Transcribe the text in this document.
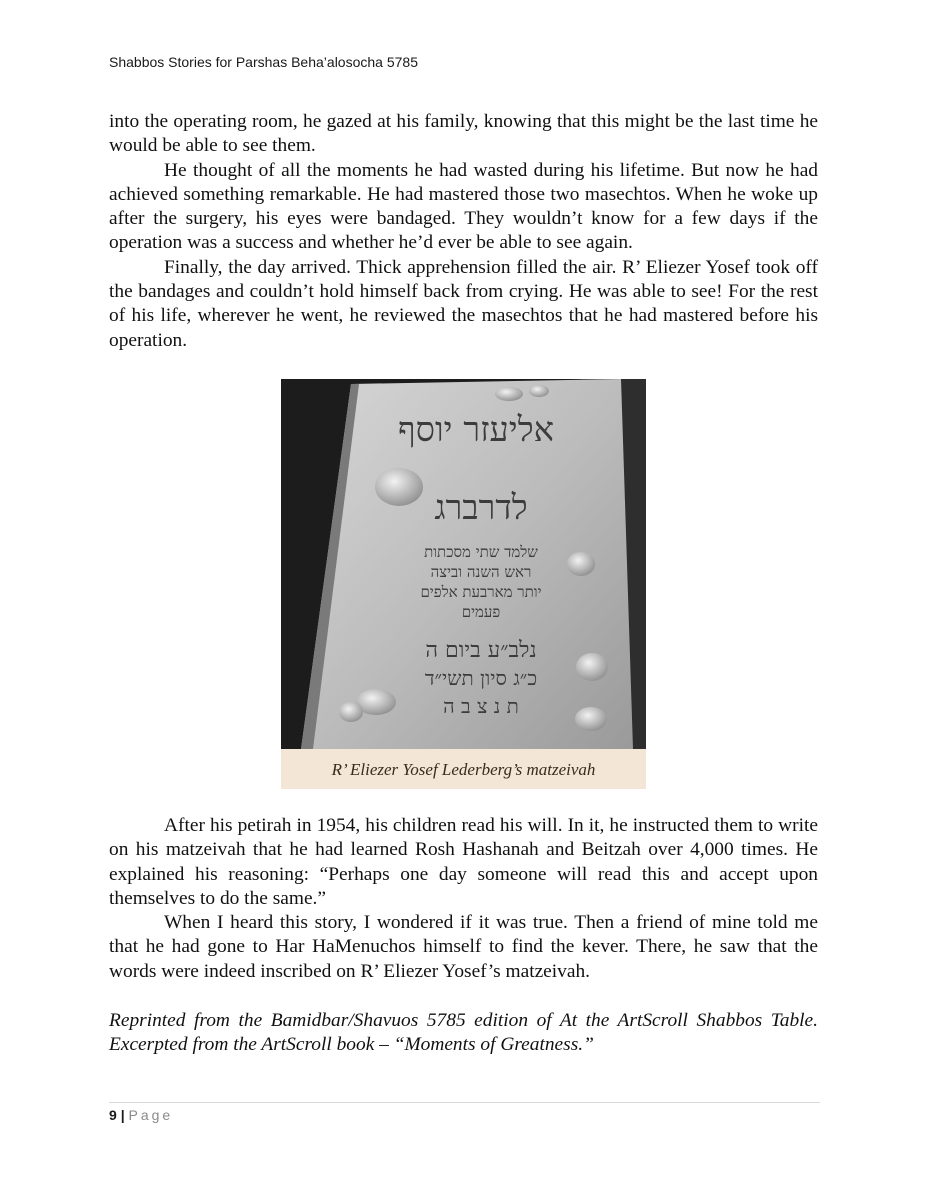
Shabbos Stories for Parshas Beha’alosocha 5785

into the operating room, he gazed at his family, knowing that this might be the last time he would be able to see them.

He thought of all the moments he had wasted during his lifetime. But now he had achieved something remarkable. He had mastered those two masechtos. When he woke up after the surgery, his eyes were bandaged. They wouldn’t know for a few days if the operation was a success and whether he’d ever be able to see again.

Finally, the day arrived. Thick apprehension filled the air. R’ Eliezer Yosef took off the bandages and couldn’t hold himself back from crying. He was able to see! For the rest of his life, wherever he went, he reviewed the masechtos that he had mastered before his operation.

אליעזר יוסף
לדרברג
שלמד שתי מסכתות
ראש השנה וביצה
יותר מארבעת אלפים
פעמים
נלב״ע ביום ה
כ״ג סיון תשי״ד
ת נ צ ב ה
R’ Eliezer Yosef Lederberg’s matzeivah

After his petirah in 1954, his children read his will. In it, he instructed them to write on his matzeivah that he had learned Rosh Hashanah and Beitzah over 4,000 times. He explained his reasoning: “Perhaps one day someone will read this and accept upon themselves to do the same.”

When I heard this story, I wondered if it was true. Then a friend of mine told me that he had gone to Har HaMenuchos himself to find the kever. There, he saw that the words were indeed inscribed on R’ Eliezer Yosef’s matzeivah.

Reprinted from the Bamidbar/Shavuos 5785 edition of At the ArtScroll Shabbos Table. Excerpted from the ArtScroll book – “Moments of Greatness.”

9 | Page
